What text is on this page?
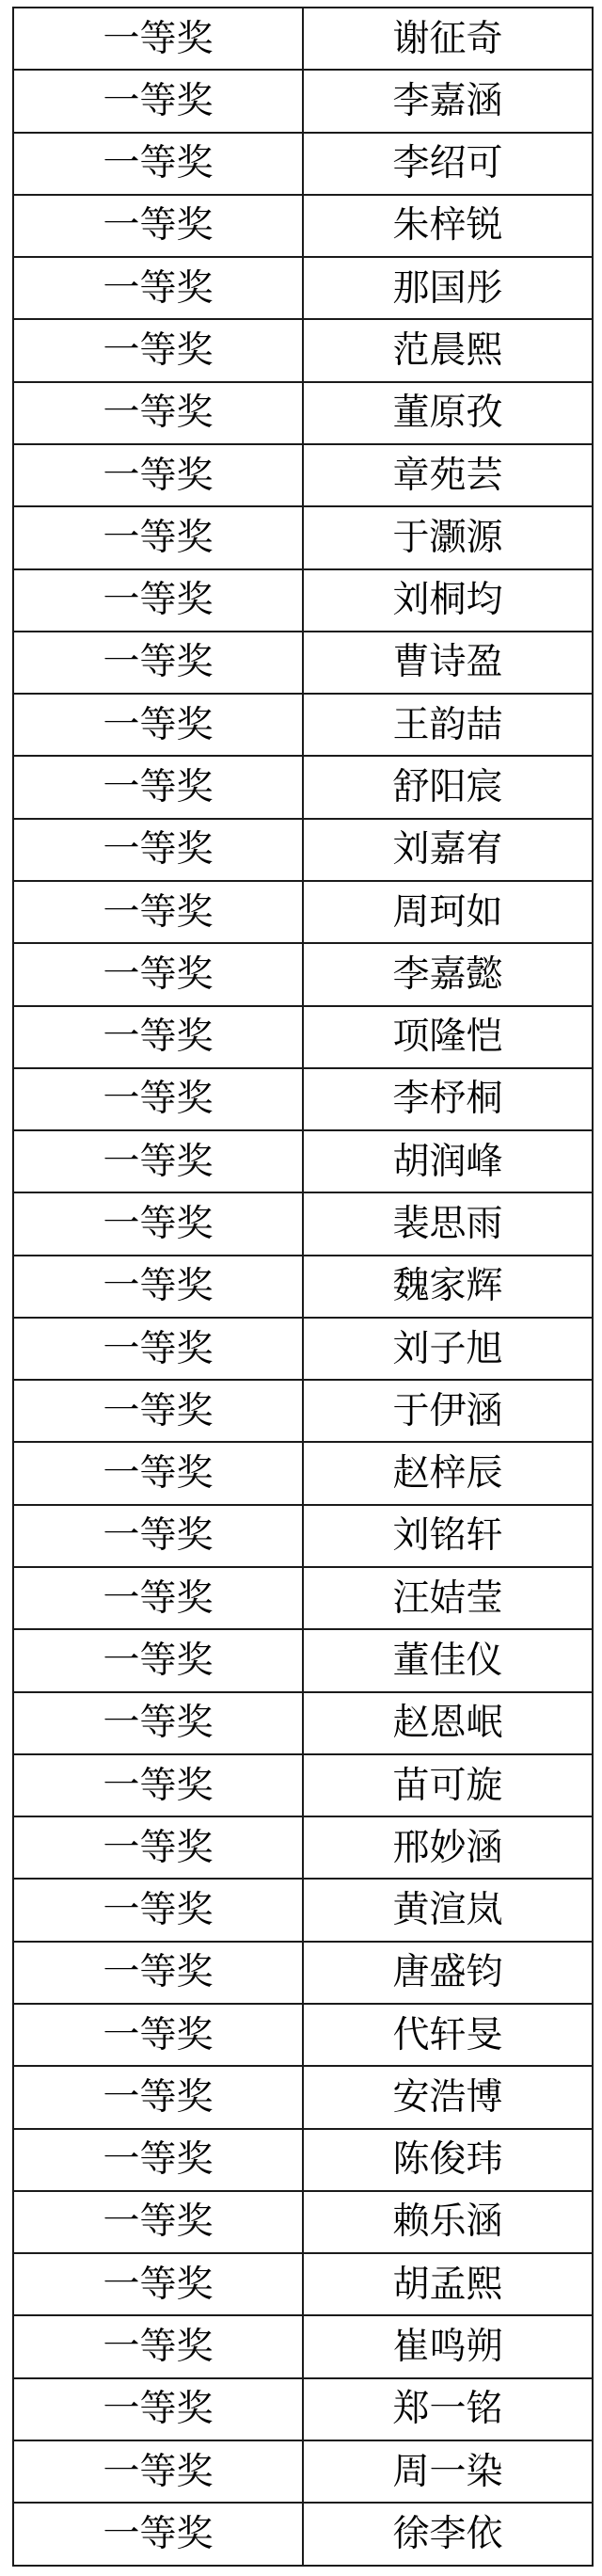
一等奖	谢征奇
一等奖	李嘉涵
一等奖	李绍可
一等奖	朱梓锐
一等奖	那国彤
一等奖	范晨熙
一等奖	董原孜
一等奖	章苑芸
一等奖	于灏源
一等奖	刘桐均
一等奖	曹诗盈
一等奖	王韵喆
一等奖	舒阳宸
一等奖	刘嘉宥
一等奖	周珂如
一等奖	李嘉懿
一等奖	项隆恺
一等奖	李杼桐
一等奖	胡润峰
一等奖	裴思雨
一等奖	魏家辉
一等奖	刘子旭
一等奖	于伊涵
一等奖	赵梓辰
一等奖	刘铭轩
一等奖	汪姞莹
一等奖	董佳仪
一等奖	赵恩岷
一等奖	苗可旋
一等奖	邢妙涵
一等奖	黄渲岚
一等奖	唐盛钧
一等奖	代轩旻
一等奖	安浩博
一等奖	陈俊玮
一等奖	赖乐涵
一等奖	胡孟熙
一等奖	崔鸣朔
一等奖	郑一铭
一等奖	周一染
一等奖	徐李依
